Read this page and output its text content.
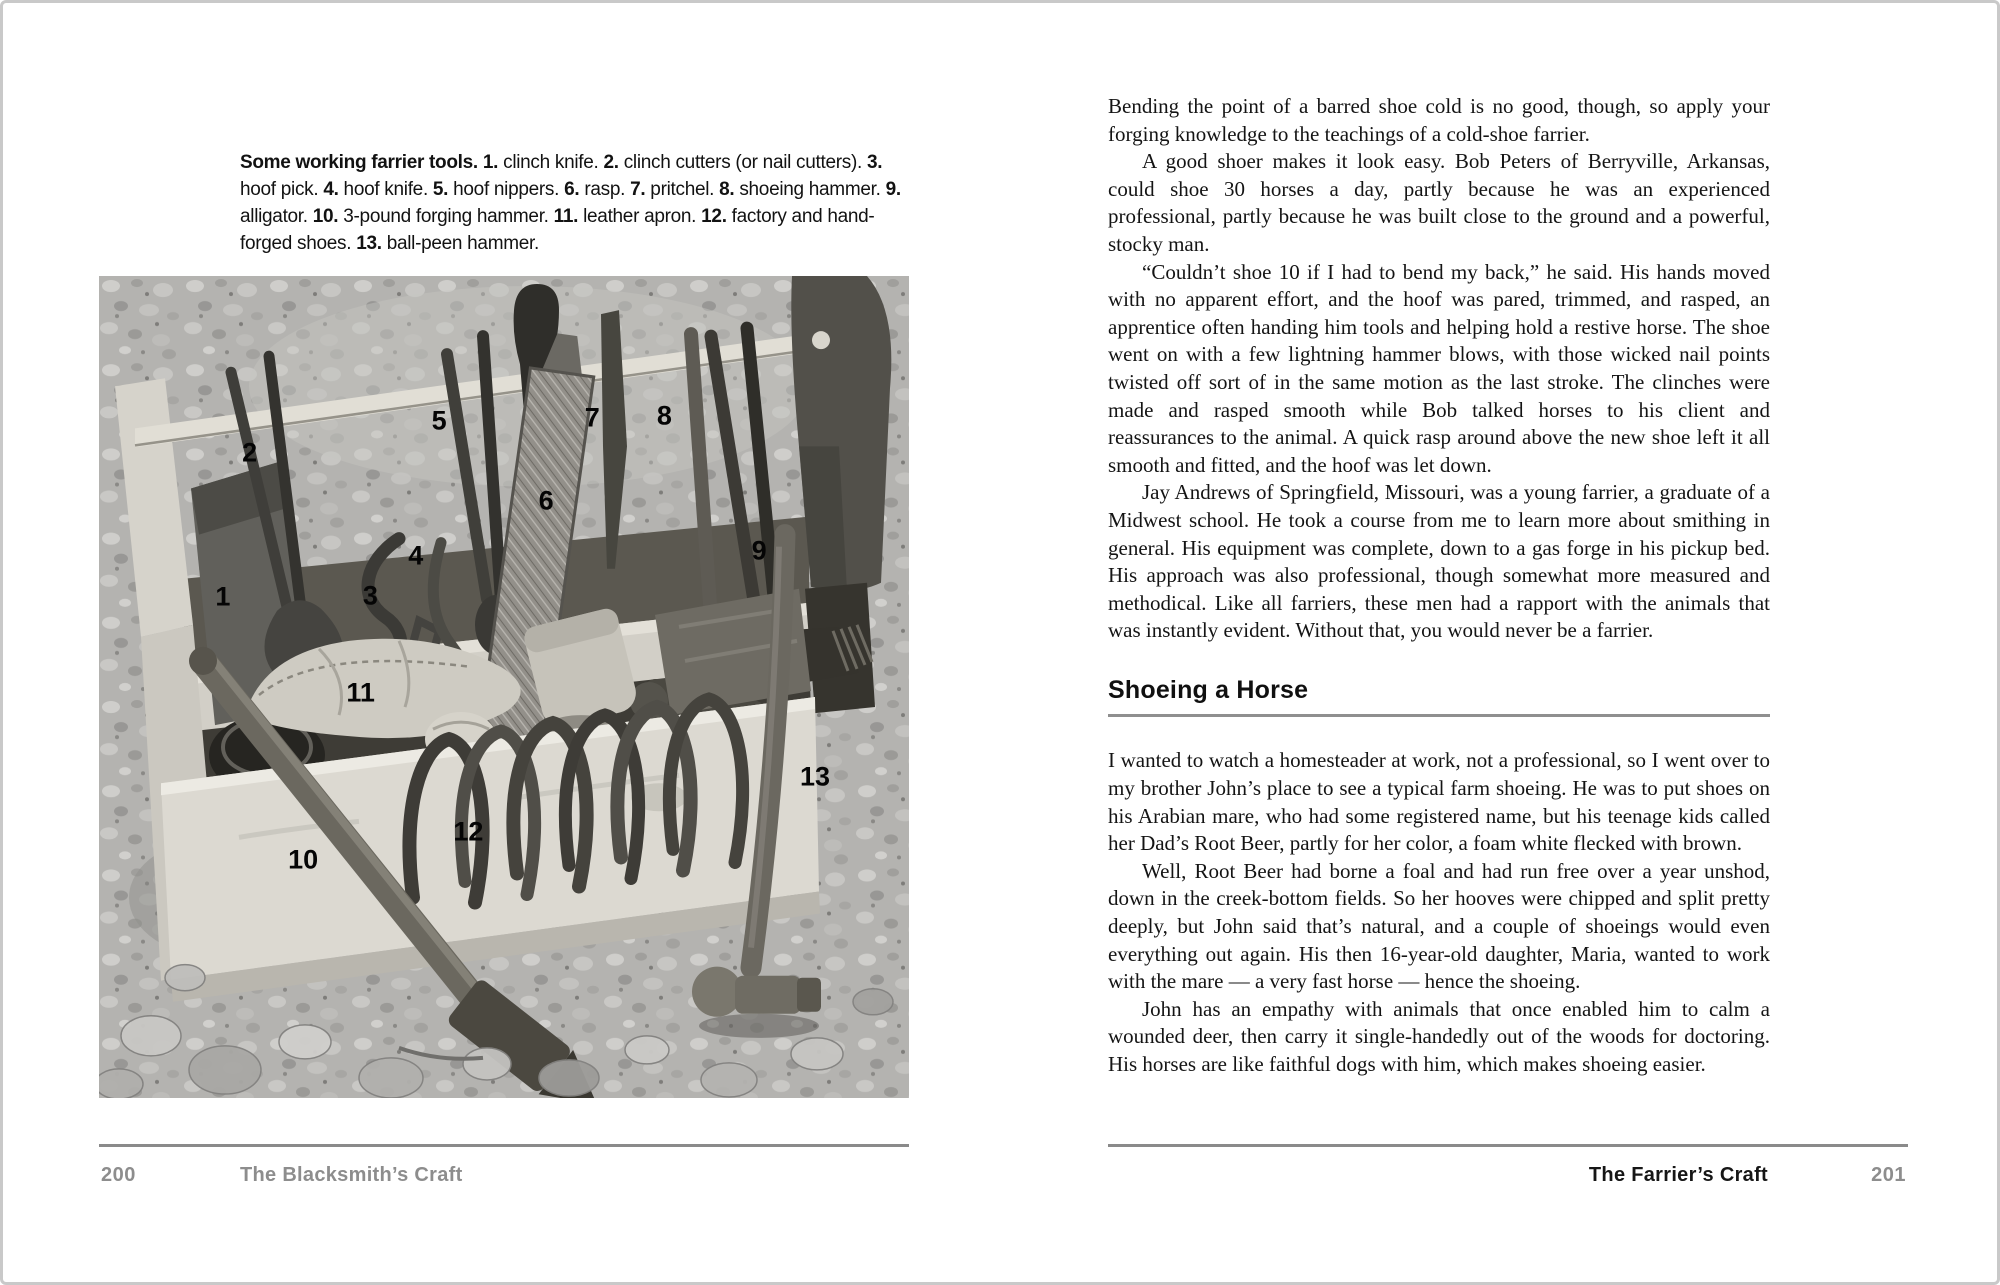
Some working farrier tools. 1. clinch knife. 2. clinch cutters (or nail cutters). 3. hoof pick. 4. hoof knife. 5. hoof nippers. 6. rasp. 7. pritchel. 8. shoeing hammer. 9. alligator. 10. 3-pound forging hammer. 11. leather apron. 12. factory and hand-forged shoes. 13. ball-peen hammer.

1
2
3
4
5
6
7 8
9
10
11
12
13
200	The Blacksmith’s Craft

Bending the point of a barred shoe cold is no good, though, so apply your forging knowledge to the teachings of a cold-shoe farrier.

A good shoer makes it look easy. Bob Peters of Berryville, Arkansas, could shoe 30 horses a day, partly because he was an experienced professional, partly because he was built close to the ground and a powerful, stocky man.

“Couldn’t shoe 10 if I had to bend my back,” he said. His hands moved with no apparent effort, and the hoof was pared, trimmed, and rasped, an apprentice often handing him tools and helping hold a restive horse. The shoe went on with a few lightning hammer blows, with those wicked nail points twisted off sort of in the same motion as the last stroke. The clinches were made and rasped smooth while Bob talked horses to his client and reassurances to the animal. A quick rasp around above the new shoe left it all smooth and fitted, and the hoof was let down.

Jay Andrews of Springfield, Missouri, was a young farrier, a graduate of a Midwest school. He took a course from me to learn more about smithing in general. His equipment was complete, down to a gas forge in his pickup bed. His approach was also professional, though somewhat more measured and methodical. Like all farriers, these men had a rapport with the animals that was instantly evident. Without that, you would never be a farrier.

Shoeing a Horse

I wanted to watch a homesteader at work, not a professional, so I went over to my brother John’s place to see a typical farm shoeing. He was to put shoes on his Arabian mare, who had some registered name, but his teenage kids called her Dad’s Root Beer, partly for her color, a foam white flecked with brown.

Well, Root Beer had borne a foal and had run free over a year unshod, down in the creek-bottom fields. So her hooves were chipped and split pretty deeply, but John said that’s natural, and a couple of shoeings would even everything out again. His then 16-year-old daughter, Maria, wanted to work with the mare — a very fast horse — hence the shoeing.

John has an empathy with animals that once enabled him to calm a wounded deer, then carry it single-handedly out of the woods for doctoring. His horses are like faithful dogs with him, which makes shoeing easier.

The Farrier’s Craft	201
